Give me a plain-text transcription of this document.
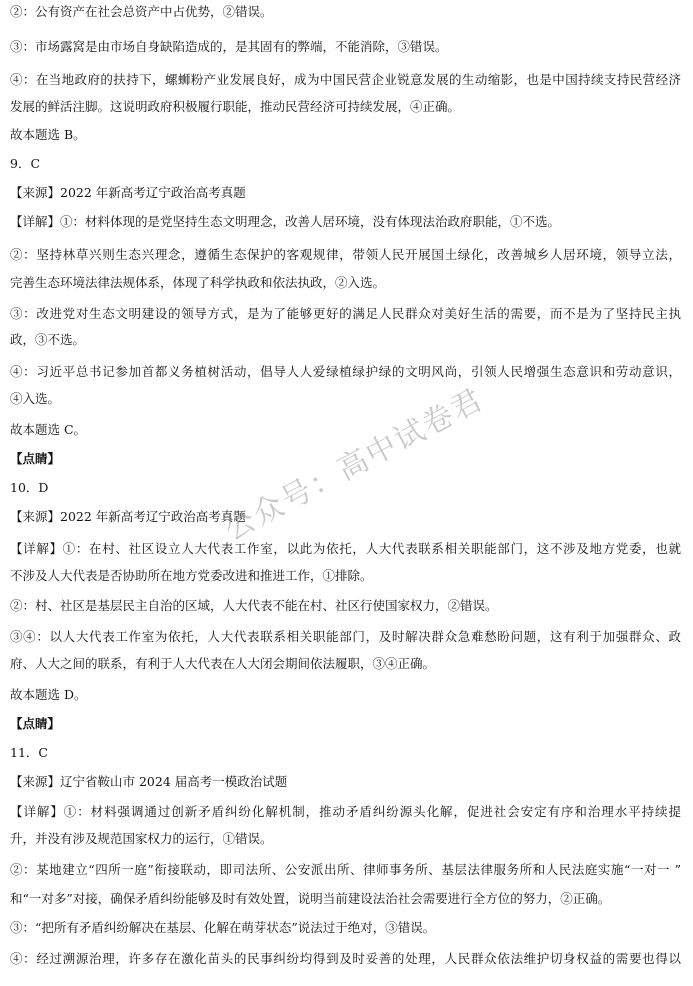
②：公有资产在社会总资产中占优势，②错误。
③：市场露窝是由市场自身缺陷造成的，是其固有的弊端，不能消除，③错误。
④：在当地政府的扶持下，螺蛳粉产业发展良好，成为中国民营企业锐意发展的生动缩影，也是中国持续支持民营经济
发展的鲜活注脚。这说明政府积极履行职能，推动民营经济可持续发展，④正确。
故本题选 B。
9．C
【来源】2022 年新高考辽宁政治高考真题
【详解】①：材料体现的是党坚持生态文明理念，改善人居环境，没有体现法治政府职能，①不选。
②：坚持林草兴则生态兴理念，遵循生态保护的客观规律，带领人民开展国土绿化，改善城乡人居环境，领导立法，
完善生态环境法律法规体系，体现了科学执政和依法执政，②入选。
③：改进党对生态文明建设的领导方式，是为了能够更好的满足人民群众对美好生活的需要，而不是为了坚持民主执
政，③不选。
④：习近平总书记参加首都义务植树活动，倡导人人爱绿植绿护绿的文明风尚，引领人民增强生态意识和劳动意识，
④入选。
故本题选 C。
【点睛】
10．D
【来源】2022 年新高考辽宁政治高考真题
【详解】①：在村、社区设立人大代表工作室，以此为依托，人大代表联系相关职能部门，这不涉及地方党委，也就
不涉及人大代表是否协助所在地方党委改进和推进工作，①排除。
②：村、社区是基层民主自治的区域，人大代表不能在村、社区行使国家权力，②错误。
③④：以人大代表工作室为依托，人大代表联系相关职能部门，及时解决群众急难愁盼问题，这有利于加强群众、政
府、人大之间的联系，有利于人大代表在人大闭会期间依法履职，③④正确。
故本题选 D。
【点睛】
11．C
【来源】辽宁省鞍山市 2024 届高考一模政治试题
【详解】①：材料强调通过创新矛盾纠纷化解机制，推动矛盾纠纷源头化解，促进社会安定有序和治理水平持续提
升，并没有涉及规范国家权力的运行，①错误。
②：某地建立“四所一庭”衔接联动，即司法所、公安派出所、律师事务所、基层法律服务所和人民法庭实施“一对一 ”
和“一对多”对接，确保矛盾纠纷能够及时有效处置，说明当前建设法治社会需要进行全方位的努力，②正确。
③：“把所有矛盾纠纷解决在基层、化解在萌芽状态”说法过于绝对，③错误。
④：经过溯源治理，许多存在激化苗头的民事纠纷均得到及时妥善的处理，人民群众依法维护切身权益的需要也得以
公众号：高中试卷君
